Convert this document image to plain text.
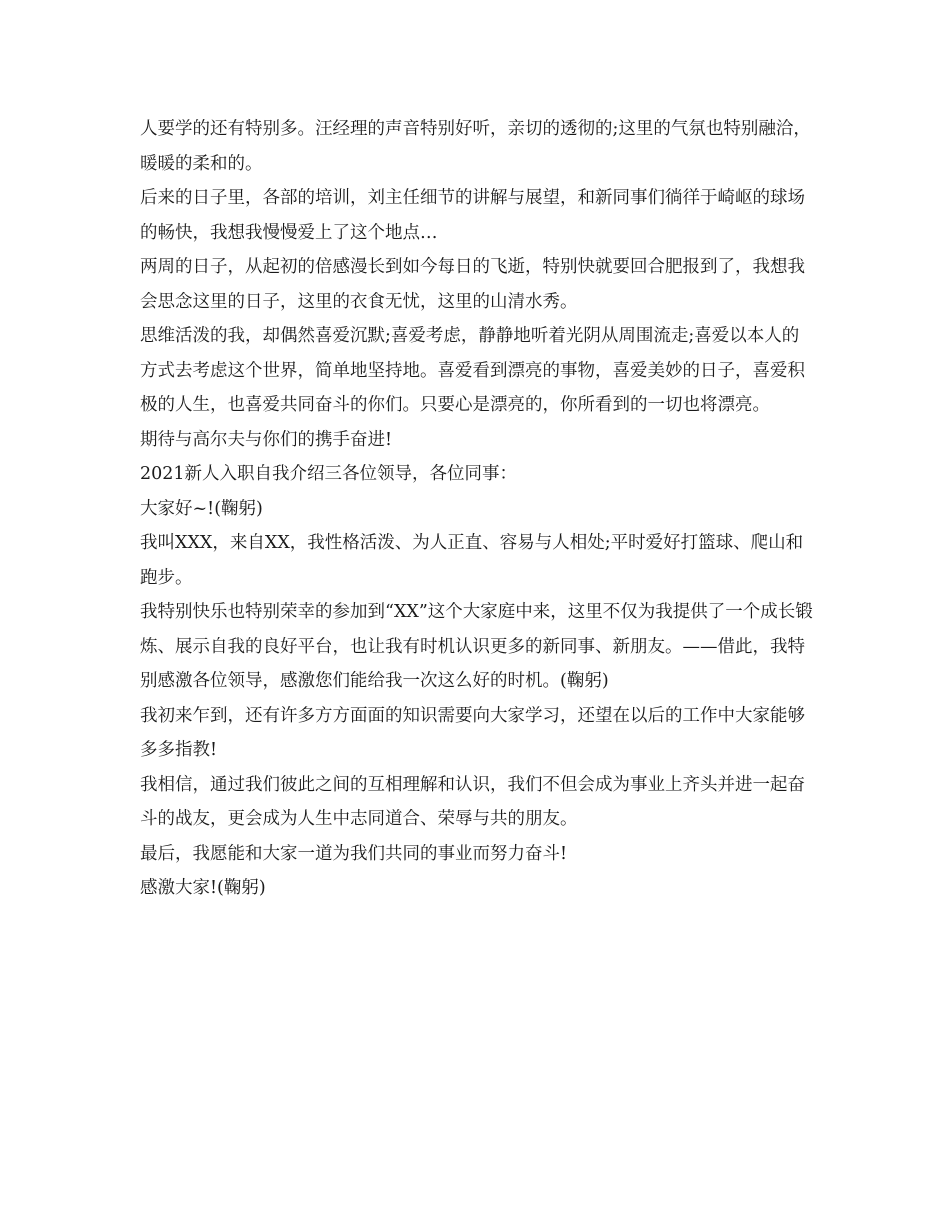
人要学的还有特别多。汪经理的声音特别好听，亲切的透彻的;这里的气氛也特别融洽，暖暖的柔和的。

后来的日子里，各部的培训，刘主任细节的讲解与展望，和新同事们徜徉于崎岖的球场的畅快，我想我慢慢爱上了这个地点…

两周的日子，从起初的倍感漫长到如今每日的飞逝，特别快就要回合肥报到了，我想我会思念这里的日子，这里的衣食无忧，这里的山清水秀。

思维活泼的我，却偶然喜爱沉默;喜爱考虑，静静地听着光阴从周围流走;喜爱以本人的方式去考虑这个世界，简单地坚持地。喜爱看到漂亮的事物，喜爱美妙的日子，喜爱积极的人生，也喜爱共同奋斗的你们。只要心是漂亮的，你所看到的一切也将漂亮。

期待与高尔夫与你们的携手奋进!

2021新人入职自我介绍三各位领导，各位同事：

大家好~!(鞠躬)

我叫XXX，来自XX，我性格活泼、为人正直、容易与人相处;平时爱好打篮球、爬山和跑步。

我特别快乐也特别荣幸的参加到“XX”这个大家庭中来，这里不仅为我提供了一个成长锻炼、展示自我的良好平台，也让我有时机认识更多的新同事、新朋友。——借此，我特别感激各位领导，感激您们能给我一次这么好的时机。(鞠躬)

我初来乍到，还有许多方方面面的知识需要向大家学习，还望在以后的工作中大家能够多多指教!

我相信，通过我们彼此之间的互相理解和认识，我们不但会成为事业上齐头并进一起奋斗的战友，更会成为人生中志同道合、荣辱与共的朋友。

最后，我愿能和大家一道为我们共同的事业而努力奋斗!

感激大家!(鞠躬)
